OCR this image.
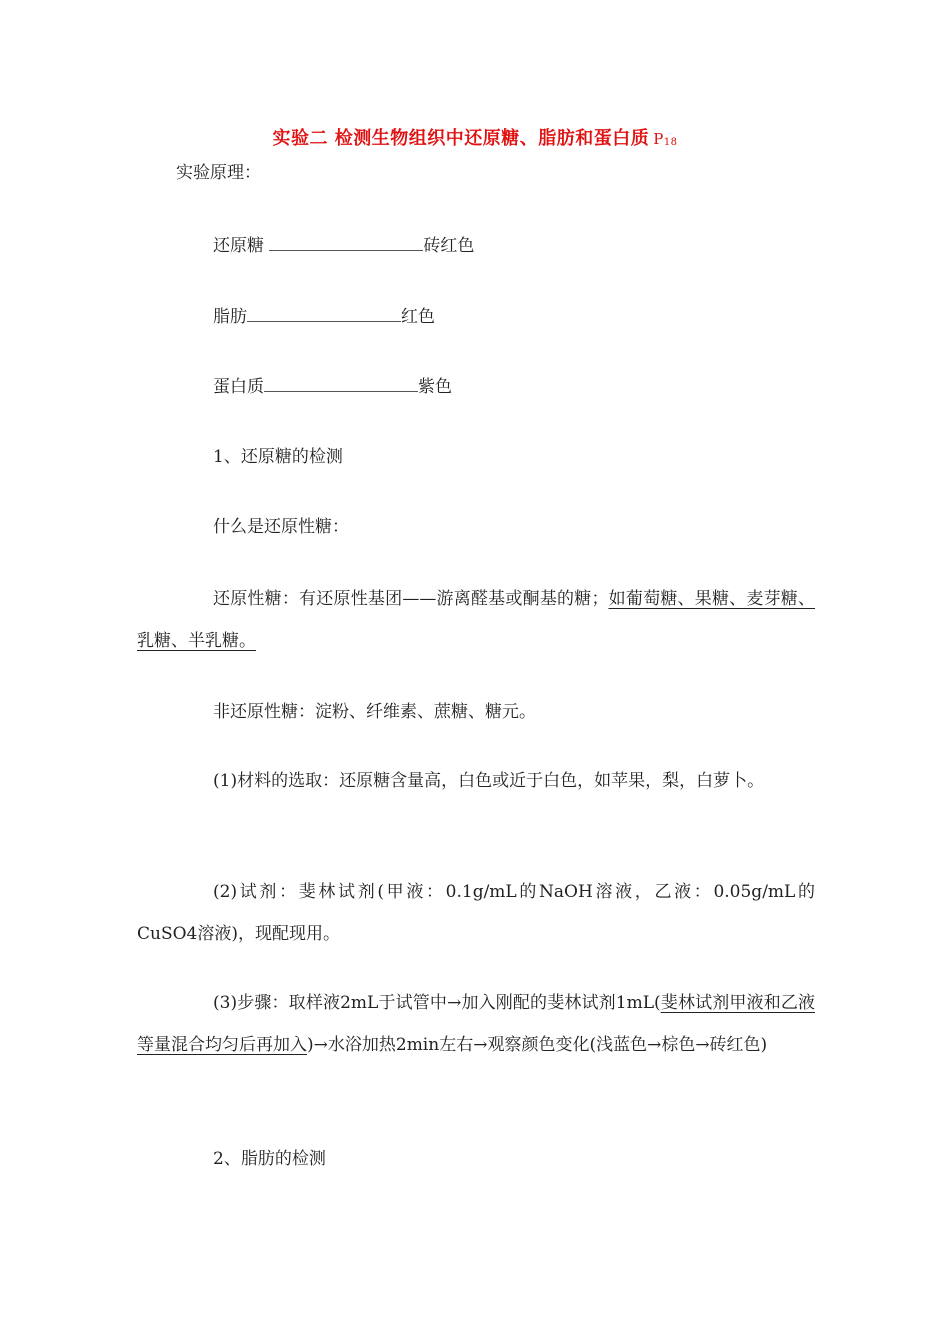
实验二 检测生物组织中还原糖、脂肪和蛋白质 $P_{18}$
实验原理：
还原糖	砖红色
脂肪	红色
蛋白质	紫色
1、还原糖的检测
什么是还原性糖：
还原性糖：有还原性基团——游离醛基或酮基的糖；如葡萄糖、果糖、麦芽糖、乳糖、半乳糖。
非还原性糖：淀粉、纤维素、蔗糖、糖元。
(1)材料的选取：还原糖含量高，白色或近于白色，如苹果，梨，白萝卜。
(2)试剂：斐林试剂(甲液：0.1g/mL的NaOH溶液，乙液：0.05g/mL的CuSO4溶液)，现配现用。
(3)步骤：取样液2mL于试管中→加入刚配的斐林试剂1mL(斐林试剂甲液和乙液等量混合均匀后再加入)→水浴加热2min左右→观察颜色变化(浅蓝色→棕色→砖红色)
2、脂肪的检测
